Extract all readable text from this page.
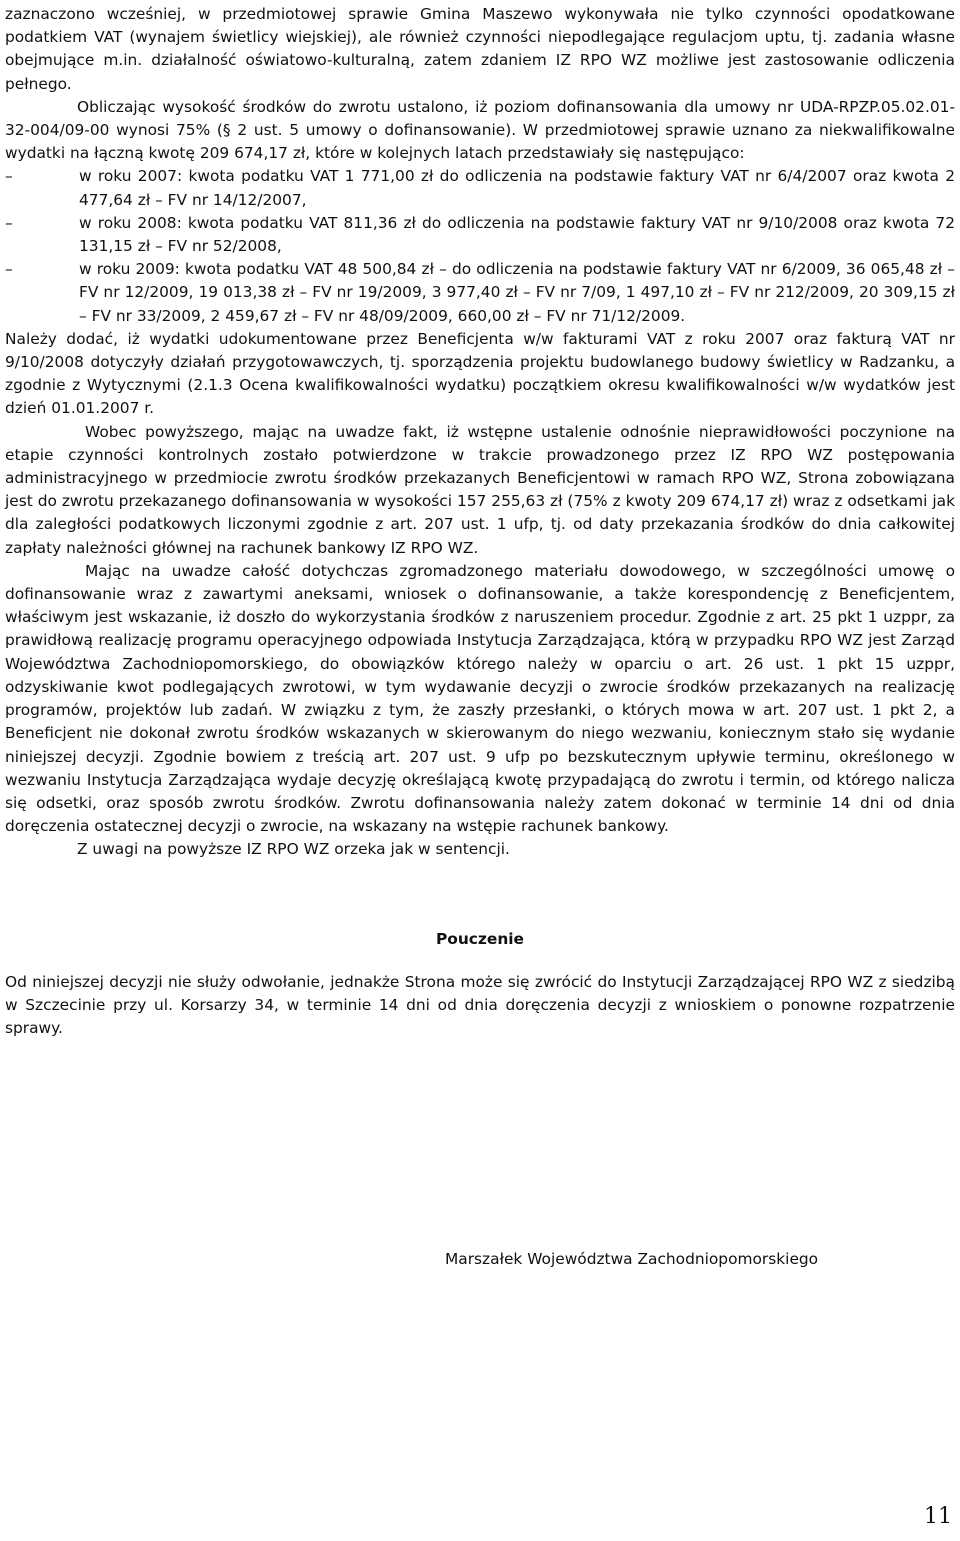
zaznaczono wcześniej, w przedmiotowej sprawie Gmina Maszewo wykonywała nie tylko czynności opodatkowane podatkiem VAT (wynajem świetlicy wiejskiej), ale również czynności niepodlegające regulacjom uptu, tj. zadania własne obejmujące m.in. działalność oświatowo-kulturalną, zatem zdaniem IZ RPO WZ możliwe jest zastosowanie odliczenia pełnego.

Obliczając wysokość środków do zwrotu ustalono, iż poziom dofinansowania dla umowy nr UDA-RPZP.05.02.01-32-004/09-00 wynosi 75% (§ 2 ust. 5 umowy o dofinansowanie). W przedmiotowej sprawie uznano za niekwalifikowalne wydatki na łączną kwotę 209 674,17 zł, które w kolejnych latach przedstawiały się następująco:

–	w roku 2007: kwota podatku VAT 1 771,00 zł do odliczenia na podstawie faktury VAT nr 6/4/2007 oraz kwota 2 477,64 zł – FV nr 14/12/2007,
–	w roku 2008: kwota podatku VAT 811,36 zł do odliczenia na podstawie faktury VAT nr 9/10/2008 oraz kwota 72 131,15 zł – FV nr 52/2008,
–	w roku 2009: kwota podatku VAT 48 500,84 zł – do odliczenia na podstawie faktury VAT nr 6/2009, 36 065,48 zł – FV nr 12/2009, 19 013,38 zł – FV nr 19/2009, 3 977,40 zł – FV nr 7/09, 1 497,10 zł – FV nr 212/2009, 20 309,15 zł – FV nr 33/2009, 2 459,67 zł – FV nr 48/09/2009, 660,00 zł – FV nr 71/12/2009.

Należy dodać, iż wydatki udokumentowane przez Beneficjenta w/w fakturami VAT z roku 2007 oraz fakturą VAT nr 9/10/2008 dotyczyły działań przygotowawczych, tj. sporządzenia projektu budowlanego budowy świetlicy w Radzanku, a zgodnie z Wytycznymi (2.1.3 Ocena kwalifikowalności wydatku) początkiem okresu kwalifikowalności w/w wydatków jest dzień 01.01.2007 r.

Wobec powyższego, mając na uwadze fakt, iż wstępne ustalenie odnośnie nieprawidłowości poczynione na etapie czynności kontrolnych zostało potwierdzone w trakcie prowadzonego przez IZ RPO WZ postępowania administracyjnego w przedmiocie zwrotu środków przekazanych Beneficjentowi w ramach RPO WZ, Strona zobowiązana jest do zwrotu przekazanego dofinansowania w wysokości 157 255,63 zł (75% z kwoty 209 674,17 zł) wraz z odsetkami jak dla zaległości podatkowych liczonymi zgodnie z art. 207 ust. 1 ufp, tj. od daty przekazania środków do dnia całkowitej zapłaty należności głównej na rachunek bankowy IZ RPO WZ.

Mając na uwadze całość dotychczas zgromadzonego materiału dowodowego, w szczególności umowę o dofinansowanie wraz z zawartymi aneksami, wniosek o dofinansowanie, a także korespondencję z Beneficjentem, właściwym jest wskazanie, iż doszło do wykorzystania środków z naruszeniem procedur. Zgodnie z art. 25 pkt 1 uzppr, za prawidłową realizację programu operacyjnego odpowiada Instytucja Zarządzająca, którą w przypadku RPO WZ jest Zarząd Województwa Zachodniopomorskiego, do obowiązków którego należy w oparciu o art. 26 ust. 1 pkt 15 uzppr, odzyskiwanie kwot podlegających zwrotowi, w tym wydawanie decyzji o zwrocie środków przekazanych na realizację programów, projektów lub zadań. W związku z tym, że zaszły przesłanki, o których mowa w art. 207 ust. 1 pkt 2, a Beneficjent nie dokonał zwrotu środków wskazanych w skierowanym do niego wezwaniu, koniecznym stało się wydanie niniejszej decyzji. Zgodnie bowiem z treścią art. 207 ust. 9 ufp po bezskutecznym upływie terminu, określonego w wezwaniu Instytucja Zarządzająca wydaje decyzję określającą kwotę przypadającą do zwrotu i termin, od którego nalicza się odsetki, oraz sposób zwrotu środków. Zwrotu dofinansowania należy zatem dokonać w terminie 14 dni od dnia doręczenia ostatecznej decyzji o zwrocie, na wskazany na wstępie rachunek bankowy.

Z uwagi na powyższe IZ RPO WZ orzeka jak w sentencji.

Pouczenie

Od niniejszej decyzji nie służy odwołanie, jednakże Strona może się zwrócić do Instytucji Zarządzającej RPO WZ z siedzibą w Szczecinie przy ul. Korsarzy 34, w terminie 14 dni od dnia doręczenia decyzji z wnioskiem o ponowne rozpatrzenie sprawy.

Marszałek Województwa Zachodniopomorskiego
11
